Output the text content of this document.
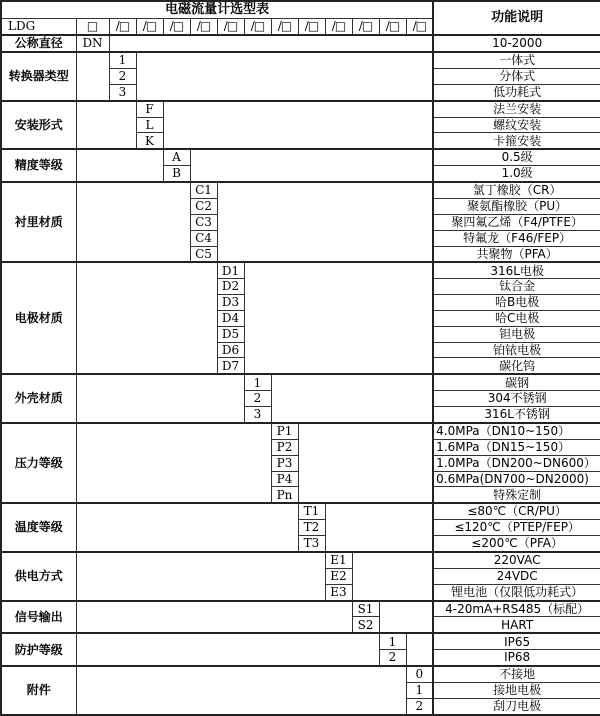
电磁流量计选型表														功能说明
LDG	□	/□	/□	/□	/□	/□	/□	/□	/□	/□	/□	/□	/□	
公称直径	DN													10-2000
转换器类型		1												一体式
		2												分体式
		3												低功耗式
安装形式			F											法兰安装
			L											螺纹安装
			K											卡箍安装
精度等级				A										0.5级
				B										1.0级
衬里材质					C1									氯丁橡胶（CR）
					C2									聚氨酯橡胶（PU）
					C3									聚四氟乙烯（F4/PTFE）
					C4									特氟龙（F46/FEP）
					C5									共聚物（PFA）
电极材质						D1								316L电极
						D2								钛合金
						D3								哈B电极
						D4								哈C电极
						D5								钽电极
						D6								铂铱电极
						D7								碳化钨
外壳材质							1							碳钢
							2							304不锈钢
							3							316L不锈钢
压力等级								P1						4.0MPa（DN10~150）
								P2						1.6MPa（DN15~150）
								P3						1.0MPa（DN200~DN600）
								P4						0.6MPa(DN700~DN2000)
								Pn						特殊定制
温度等级									T1					≤80℃（CR/PU）
									T2					≤120℃（PTEP/FEP）
									T3					≤200℃（PFA）
供电方式										E1				220VAC
										E2				24VDC
										E3				锂电池（仅限低功耗式）
信号输出											S1			4-20mA+RS485（标配）
											S2			HART
防护等级												1		IP65
												2		IP68
附件													0	不接地
													1	接地电极
													2	刮刀电极
